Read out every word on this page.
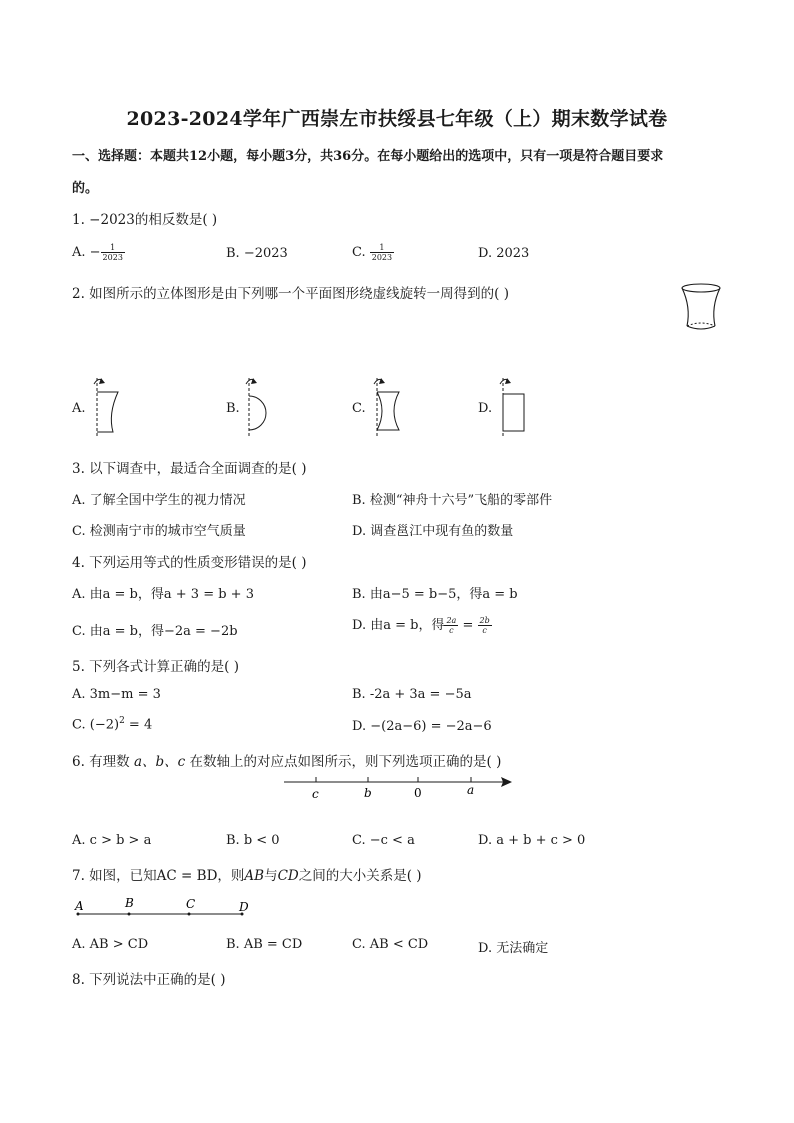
2023-2024学年广西崇左市扶绥县七年级（上）期末数学试卷
一、选择题：本题共12小题，每小题3分，共36分。在每小题给出的选项中，只有一项是符合题目要求
的。
1. −2023的相反数是( )
A. − $\frac{1}{2023}$	B. −2023	C. $\frac{1}{2023}$	D. 2023
2. 如图所示的立体图形是由下列哪一个平面图形绕虚线旋转一周得到的( )
A.	B.	C.	D.
3. 以下调查中，最适合全面调查的是( )
A. 了解全国中学生的视力情况	B. 检测“神舟十六号”飞船的零部件
C. 检测南宁市的城市空气质量	D. 调查邕江中现有鱼的数量
4. 下列运用等式的性质变形错误的是( )
A. 由a = b，得a + 3 = b + 3	B. 由a−5 = b−5，得a = b
C. 由a = b，得−2a = −2b	D. 由a = b，得 $\frac{2a}{c} = \frac{2b}{c}$
5. 下列各式计算正确的是( )
A. 3m−m = 3	B. -2a + 3a = −5a
C. $(-2)^2 = 4$	D. −(2a−6) = −2a−6
6. 有理数 a、b、c 在数轴上的对应点如图所示，则下列选项正确的是( )
c	b	0	a
A. c > b > a	B. b < 0	C. −c < a	D. a + b + c > 0
7. 如图，已知AC = BD，则AB与CD之间的大小关系是( )
A	B	C	D
A. AB > CD	B. AB = CD	C. AB < CD	D. 无法确定
8. 下列说法中正确的是( )
